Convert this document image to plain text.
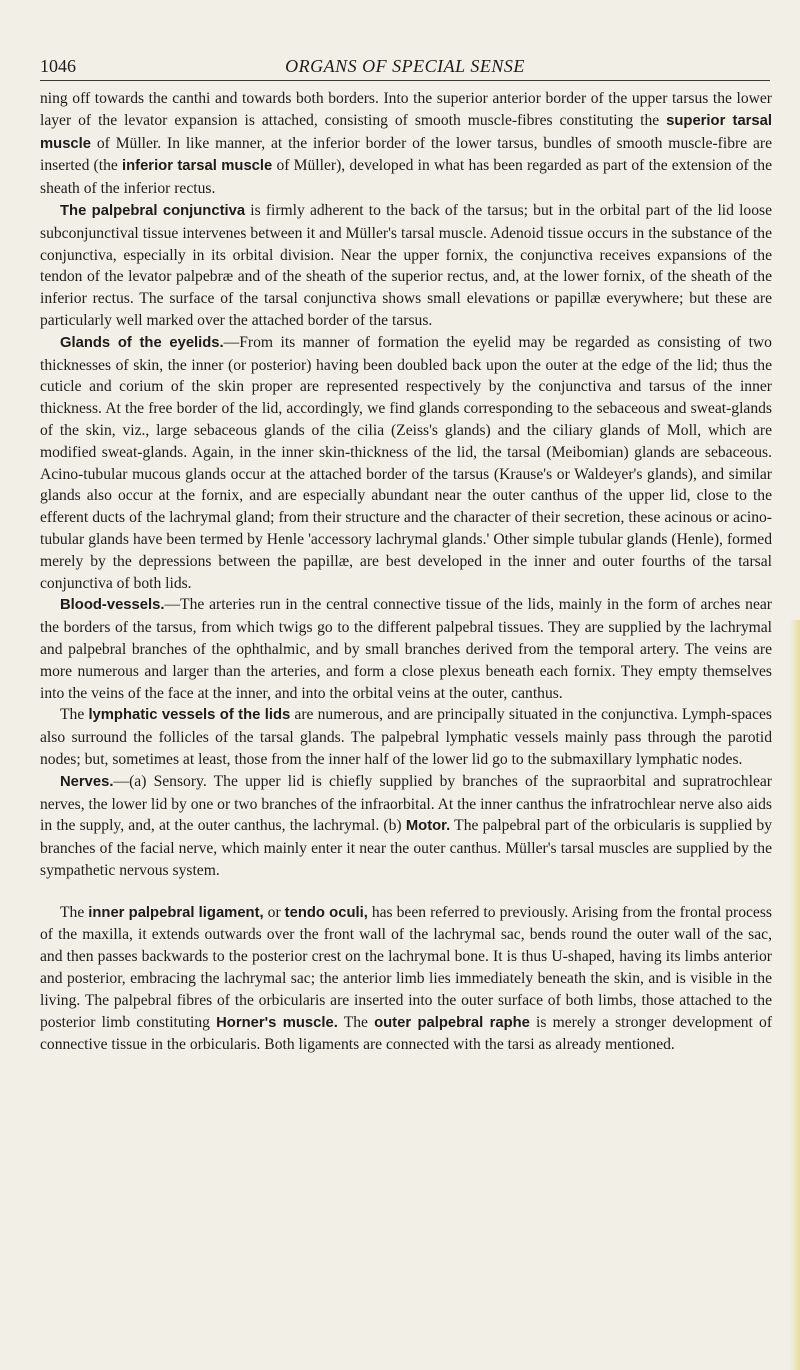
1046	ORGANS OF SPECIAL SENSE

ning off towards the canthi and towards both borders. Into the superior anterior border of the upper tarsus the lower layer of the levator expansion is attached, consisting of smooth muscle-fibres constituting the superior tarsal muscle of Müller. In like manner, at the inferior border of the lower tarsus, bundles of smooth muscle-fibre are inserted (the inferior tarsal muscle of Müller), developed in what has been regarded as part of the extension of the sheath of the inferior rectus.

The palpebral conjunctiva is firmly adherent to the back of the tarsus; but in the orbital part of the lid loose subconjunctival tissue intervenes between it and Müller's tarsal muscle. Adenoid tissue occurs in the substance of the conjunctiva, especially in its orbital division. Near the upper fornix, the conjunctiva receives expansions of the tendon of the levator palpebræ and of the sheath of the superior rectus, and, at the lower fornix, of the sheath of the inferior rectus. The surface of the tarsal conjunctiva shows small elevations or papillæ everywhere; but these are particularly well marked over the attached border of the tarsus.

Glands of the eyelids.—From its manner of formation the eyelid may be regarded as consisting of two thicknesses of skin, the inner (or posterior) having been doubled back upon the outer at the edge of the lid; thus the cuticle and corium of the skin proper are represented respectively by the conjunctiva and tarsus of the inner thickness. At the free border of the lid, accordingly, we find glands corresponding to the sebaceous and sweat-glands of the skin, viz., large sebaceous glands of the cilia (Zeiss's glands) and the ciliary glands of Moll, which are modified sweat-glands. Again, in the inner skin-thickness of the lid, the tarsal (Meibomian) glands are sebaceous. Acino-tubular mucous glands occur at the attached border of the tarsus (Krause's or Waldeyer's glands), and similar glands also occur at the fornix, and are especially abundant near the outer canthus of the upper lid, close to the efferent ducts of the lachrymal gland; from their structure and the character of their secretion, these acinous or acino-tubular glands have been termed by Henle 'accessory lachrymal glands.' Other simple tubular glands (Henle), formed merely by the depressions between the papillæ, are best developed in the inner and outer fourths of the tarsal conjunctiva of both lids.

Blood-vessels.—The arteries run in the central connective tissue of the lids, mainly in the form of arches near the borders of the tarsus, from which twigs go to the different palpebral tissues. They are supplied by the lachrymal and palpebral branches of the ophthalmic, and by small branches derived from the temporal artery. The veins are more numerous and larger than the arteries, and form a close plexus beneath each fornix. They empty themselves into the veins of the face at the inner, and into the orbital veins at the outer, canthus.

The lymphatic vessels of the lids are numerous, and are principally situated in the conjunctiva. Lymph-spaces also surround the follicles of the tarsal glands. The palpebral lymphatic vessels mainly pass through the parotid nodes; but, sometimes at least, those from the inner half of the lower lid go to the submaxillary lymphatic nodes.

Nerves.—(a) Sensory. The upper lid is chiefly supplied by branches of the supraorbital and supratrochlear nerves, the lower lid by one or two branches of the infraorbital. At the inner canthus the infratrochlear nerve also aids in the supply, and, at the outer canthus, the lachrymal. (b) Motor. The palpebral part of the orbicularis is supplied by branches of the facial nerve, which mainly enter it near the outer canthus. Müller's tarsal muscles are supplied by the sympathetic nervous system.

The inner palpebral ligament, or tendo oculi, has been referred to previously. Arising from the frontal process of the maxilla, it extends outwards over the front wall of the lachrymal sac, bends round the outer wall of the sac, and then passes backwards to the posterior crest on the lachrymal bone. It is thus U-shaped, having its limbs anterior and posterior, embracing the lachrymal sac; the anterior limb lies immediately beneath the skin, and is visible in the living. The palpebral fibres of the orbicularis are inserted into the outer surface of both limbs, those attached to the posterior limb constituting Horner's muscle. The outer palpebral raphe is merely a stronger development of connective tissue in the orbicularis. Both ligaments are connected with the tarsi as already mentioned.
